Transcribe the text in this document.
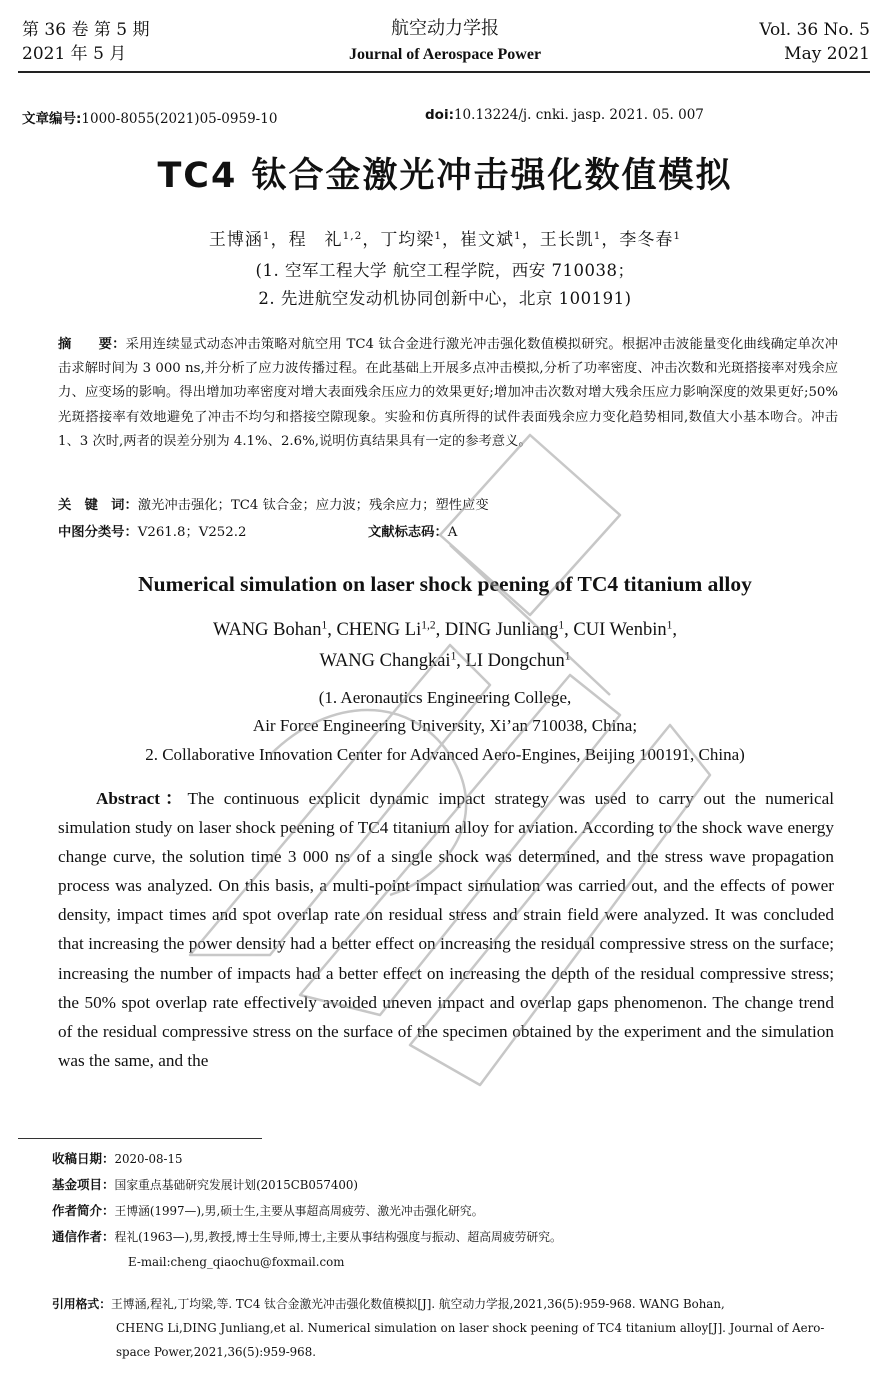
第 36 卷 第 5 期
2021 年 5 月
航空动力学报
Journal of Aerospace Power
Vol. 36 No. 5
May 2021
文章编号:1000-8055(2021)05-0959-10	doi:10.13224/j. cnki. jasp. 2021. 05. 007
TC4 钛合金激光冲击强化数值模拟
王博涵$^1$，程　礼$^{1,2}$，丁均梁$^1$，崔文斌$^1$，王长凯$^1$，李冬春$^1$
(1. 空军工程大学 航空工程学院，西安 710038；
2. 先进航空发动机协同创新中心，北京 100191)
摘　　要：采用连续显式动态冲击策略对航空用 TC4 钛合金进行激光冲击强化数值模拟研究。根据冲击波能量变化曲线确定单次冲击求解时间为 3 000 ns,并分析了应力波传播过程。在此基础上开展多点冲击模拟,分析了功率密度、冲击次数和光斑搭接率对残余应力、应变场的影响。得出增加功率密度对增大表面残余压应力的效果更好;增加冲击次数对增大残余压应力影响深度的效果更好;50%光斑搭接率有效地避免了冲击不均匀和搭接空隙现象。实验和仿真所得的试件表面残余应力变化趋势相同,数值大小基本吻合。冲击 1、3 次时,两者的误差分别为 4.1%、2.6%,说明仿真结果具有一定的参考意义。
关　键　词：激光冲击强化；TC4 钛合金；应力波；残余应力；塑性应变
中图分类号：V261.8；V252.2	文献标志码：A
Numerical simulation on laser shock peening of TC4 titanium alloy
WANG Bohan$^1$, CHENG Li$^{1,2}$, DING Junliang$^1$, CUI Wenbin$^1$,
WANG Changkai$^1$, LI Dongchun$^1$
(1. Aeronautics Engineering College,
Air Force Engineering University, Xi’an 710038, China;
2. Collaborative Innovation Center for Advanced Aero-Engines, Beijing 100191, China)
Abstract：The continuous explicit dynamic impact strategy was used to carry out the numerical simulation study on laser shock peening of TC4 titanium alloy for aviation. According to the shock wave energy change curve, the solution time 3 000 ns of a single shock was determined, and the stress wave propagation process was analyzed. On this basis, a multi-point impact simulation was carried out, and the effects of power density, impact times and spot overlap rate on residual stress and strain field were analyzed. It was concluded that increasing the power density had a better effect on increasing the residual compressive stress on the surface; increasing the number of impacts had a better effect on increasing the depth of the residual compressive stress; the 50% spot overlap rate effectively avoided uneven impact and overlap gaps phenomenon. The change trend of the residual compressive stress on the surface of the specimen obtained by the experiment and the simulation was the same, and the
收稿日期：2020-08-15
基金项目：国家重点基础研究发展计划(2015CB057400)
作者简介：王博涵(1997—),男,硕士生,主要从事超高周疲劳、激光冲击强化研究。
通信作者：程礼(1963—),男,教授,博士生导师,博士,主要从事结构强度与振动、超高周疲劳研究。
E-mail:cheng_qiaochu@foxmail.com
引用格式：王博涵,程礼,丁均梁,等. TC4 钛合金激光冲击强化数值模拟[J]. 航空动力学报,2021,36(5):959-968. WANG Bohan,
CHENG Li,DING Junliang,et al. Numerical simulation on laser shock peening of TC4 titanium alloy[J]. Journal of Aero-
space Power,2021,36(5):959-968.
